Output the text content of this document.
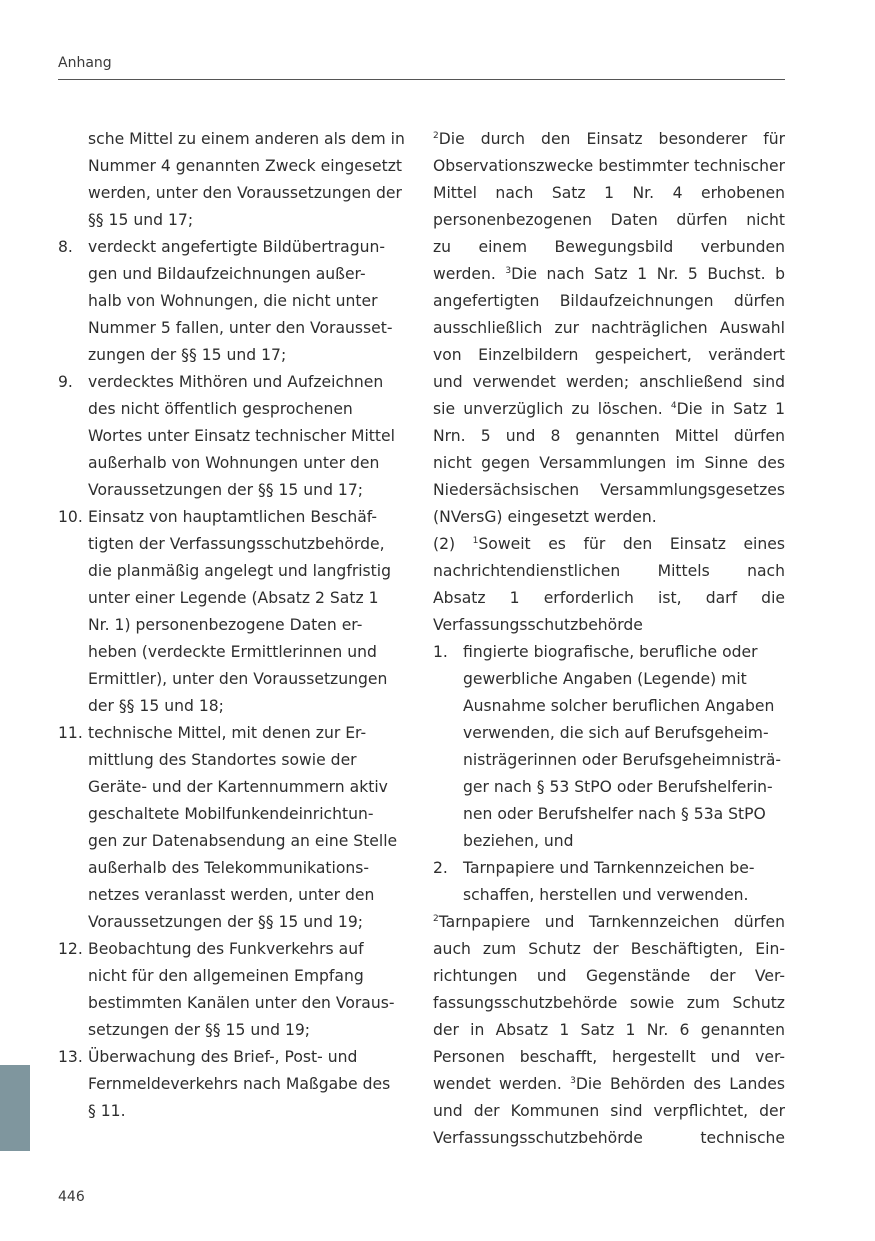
Anhang
sche Mittel zu einem anderen als dem in
Nummer 4 genannten Zweck eingesetzt
werden, unter den Voraussetzungen der
§§ 15 und 17;
8. verdeckt angefertigte Bildübertragun-
gen und Bildaufzeichnungen außer-
halb von Wohnungen, die nicht unter
Nummer 5 fallen, unter den Vorausset-
zungen der §§ 15 und 17;
9. verdecktes Mithören und Aufzeichnen
des nicht öffentlich gesprochenen
Wortes unter Einsatz technischer Mittel
außerhalb von Wohnungen unter den
Voraussetzungen der §§ 15 und 17;
10. Einsatz von hauptamtlichen Beschäf-
tigten der Verfassungsschutzbehörde,
die planmäßig angelegt und langfristig
unter einer Legende (Absatz 2 Satz 1
Nr. 1) personenbezogene Daten er-
heben (verdeckte Ermittlerinnen und
Ermittler), unter den Voraussetzungen
der §§ 15 und 18;
11. technische Mittel, mit denen zur Er-
mittlung des Standortes sowie der
Geräte- und der Kartennummern aktiv
geschaltete Mobilfunkendeinrichtun-
gen zur Datenabsendung an eine Stelle
außerhalb des Telekommunikations-
netzes veranlasst werden, unter den
Voraussetzungen der §§ 15 und 19;
12. Beobachtung des Funkverkehrs auf
nicht für den allgemeinen Empfang
bestimmten Kanälen unter den Voraus-
setzungen der §§ 15 und 19;
13. Überwachung des Brief-, Post- und
Fernmeldeverkehrs nach Maßgabe des
§ 11.
$^2$Die durch den Einsatz besonderer für
Observationszwecke bestimmter technischer
Mittel nach Satz 1 Nr. 4 erhobenen
personenbezogenen Daten dürfen nicht
zu einem Bewegungsbild verbunden
werden. $^3$Die nach Satz 1 Nr. 5 Buchst. b
angefertigten Bildaufzeichnungen dürfen
ausschließlich zur nachträglichen Auswahl
von Einzelbildern gespeichert, verändert
und verwendet werden; anschließend sind
sie unverzüglich zu löschen. $^4$Die in Satz 1
Nrn. 5 und 8 genannten Mittel dürfen
nicht gegen Versammlungen im Sinne des
Niedersächsischen Versammlungsgesetzes
(NVersG) eingesetzt werden.
(2) $^1$Soweit es für den Einsatz eines
nachrichtendienstlichen Mittels nach
Absatz 1 erforderlich ist, darf die
Verfassungsschutzbehörde
1. fingierte biografische, berufliche oder
gewerbliche Angaben (Legende) mit
Ausnahme solcher beruflichen Angaben
verwenden, die sich auf Berufsgeheim-
nisträgerinnen oder Berufsgeheimnisträ-
ger nach § 53 StPO oder Berufshelferin-
nen oder Berufshelfer nach § 53a StPO
beziehen, und
2. Tarnpapiere und Tarnkennzeichen be-
schaffen, herstellen und verwenden.
$^2$Tarnpapiere und Tarnkennzeichen dürfen
auch zum Schutz der Beschäftigten, Ein-
richtungen und Gegenstände der Ver-
fassungsschutzbehörde sowie zum Schutz
der in Absatz 1 Satz 1 Nr. 6 genannten
Personen beschafft, hergestellt und ver-
wendet werden. $^3$Die Behörden des Landes
und der Kommunen sind verpflichtet, der
Verfassungsschutzbehörde technische
446
